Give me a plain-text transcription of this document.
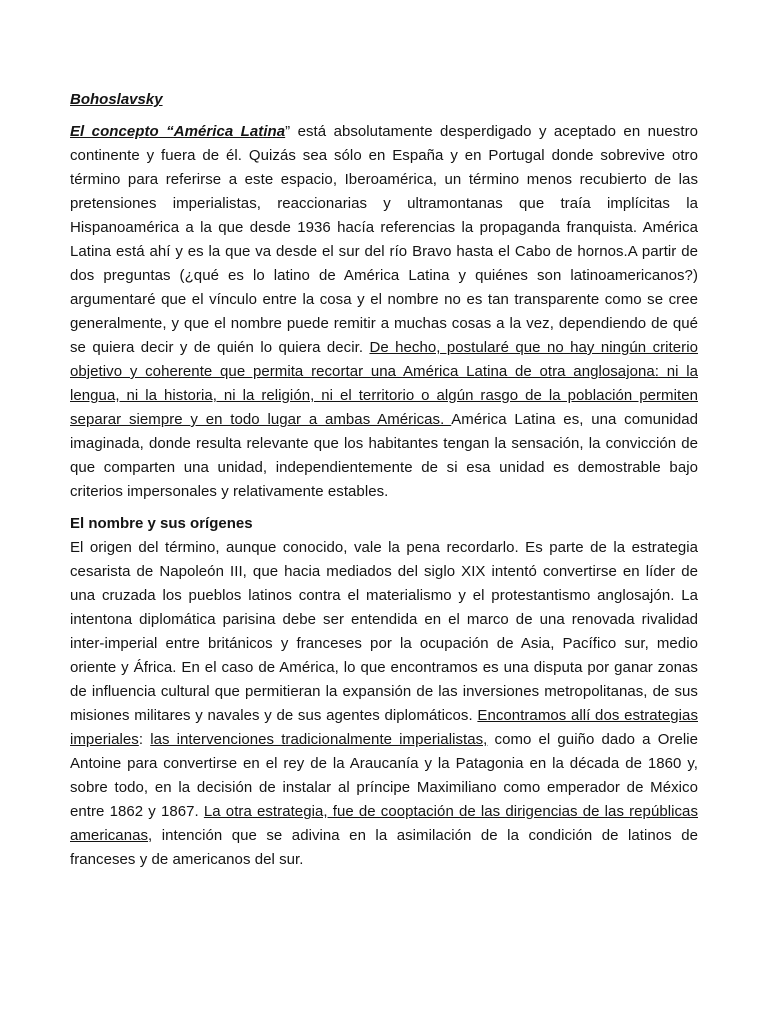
Bohoslavsky

El concepto “América Latina” está absolutamente desperdigado y aceptado en nuestro continente y fuera de él. Quizás sea sólo en España y en Portugal donde sobrevive otro término para referirse a este espacio, Iberoamérica, un término menos recubierto de las pretensiones imperialistas, reaccionarias y ultramontanas que traía implícitas la Hispanoamérica a la que desde 1936 hacía referencias la propaganda franquista. América Latina está ahí y es la que va desde el sur del río Bravo hasta el Cabo de hornos.A partir de dos preguntas (¿qué es lo latino de América Latina y quiénes son latinoamericanos?) argumentaré que el vínculo entre la cosa y el nombre no es tan transparente como se cree generalmente, y que el nombre puede remitir a muchas cosas a la vez, dependiendo de qué se quiera decir y de quién lo quiera decir. De hecho, postularé que no hay ningún criterio objetivo y coherente que permita recortar una América Latina de otra anglosajona: ni la lengua, ni la historia, ni la religión, ni el territorio o algún rasgo de la población permiten separar siempre y en todo lugar a ambas Américas. América Latina es, una comunidad imaginada, donde resulta relevante que los habitantes tengan la sensación, la convicción de que comparten una unidad, independientemente de si esa unidad es demostrable bajo criterios impersonales y relativamente estables.

El nombre y sus orígenes

El origen del término, aunque conocido, vale la pena recordarlo. Es parte de la estrategia cesarista de Napoleón III, que hacia mediados del siglo XIX intentó convertirse en líder de una cruzada los pueblos latinos contra el materialismo y el protestantismo anglosajón. La intentona diplomática parisina debe ser entendida en el marco de una renovada rivalidad inter-imperial entre británicos y franceses por la ocupación de Asia, Pacífico sur, medio oriente y África. En el caso de América, lo que encontramos es una disputa por ganar zonas de influencia cultural que permitieran la expansión de las inversiones metropolitanas, de sus misiones militares y navales y de sus agentes diplomáticos. Encontramos allí dos estrategias imperiales: las intervenciones tradicionalmente imperialistas, como el guiño dado a Orelie Antoine para convertirse en el rey de la Araucanía y la Patagonia en la década de 1860 y, sobre todo, en la decisión de instalar al príncipe Maximiliano como emperador de México entre 1862 y 1867. La otra estrategia, fue de cooptación de las dirigencias de las repúblicas americanas, intención que se adivina en la asimilación de la condición de latinos de franceses y de americanos del sur.
